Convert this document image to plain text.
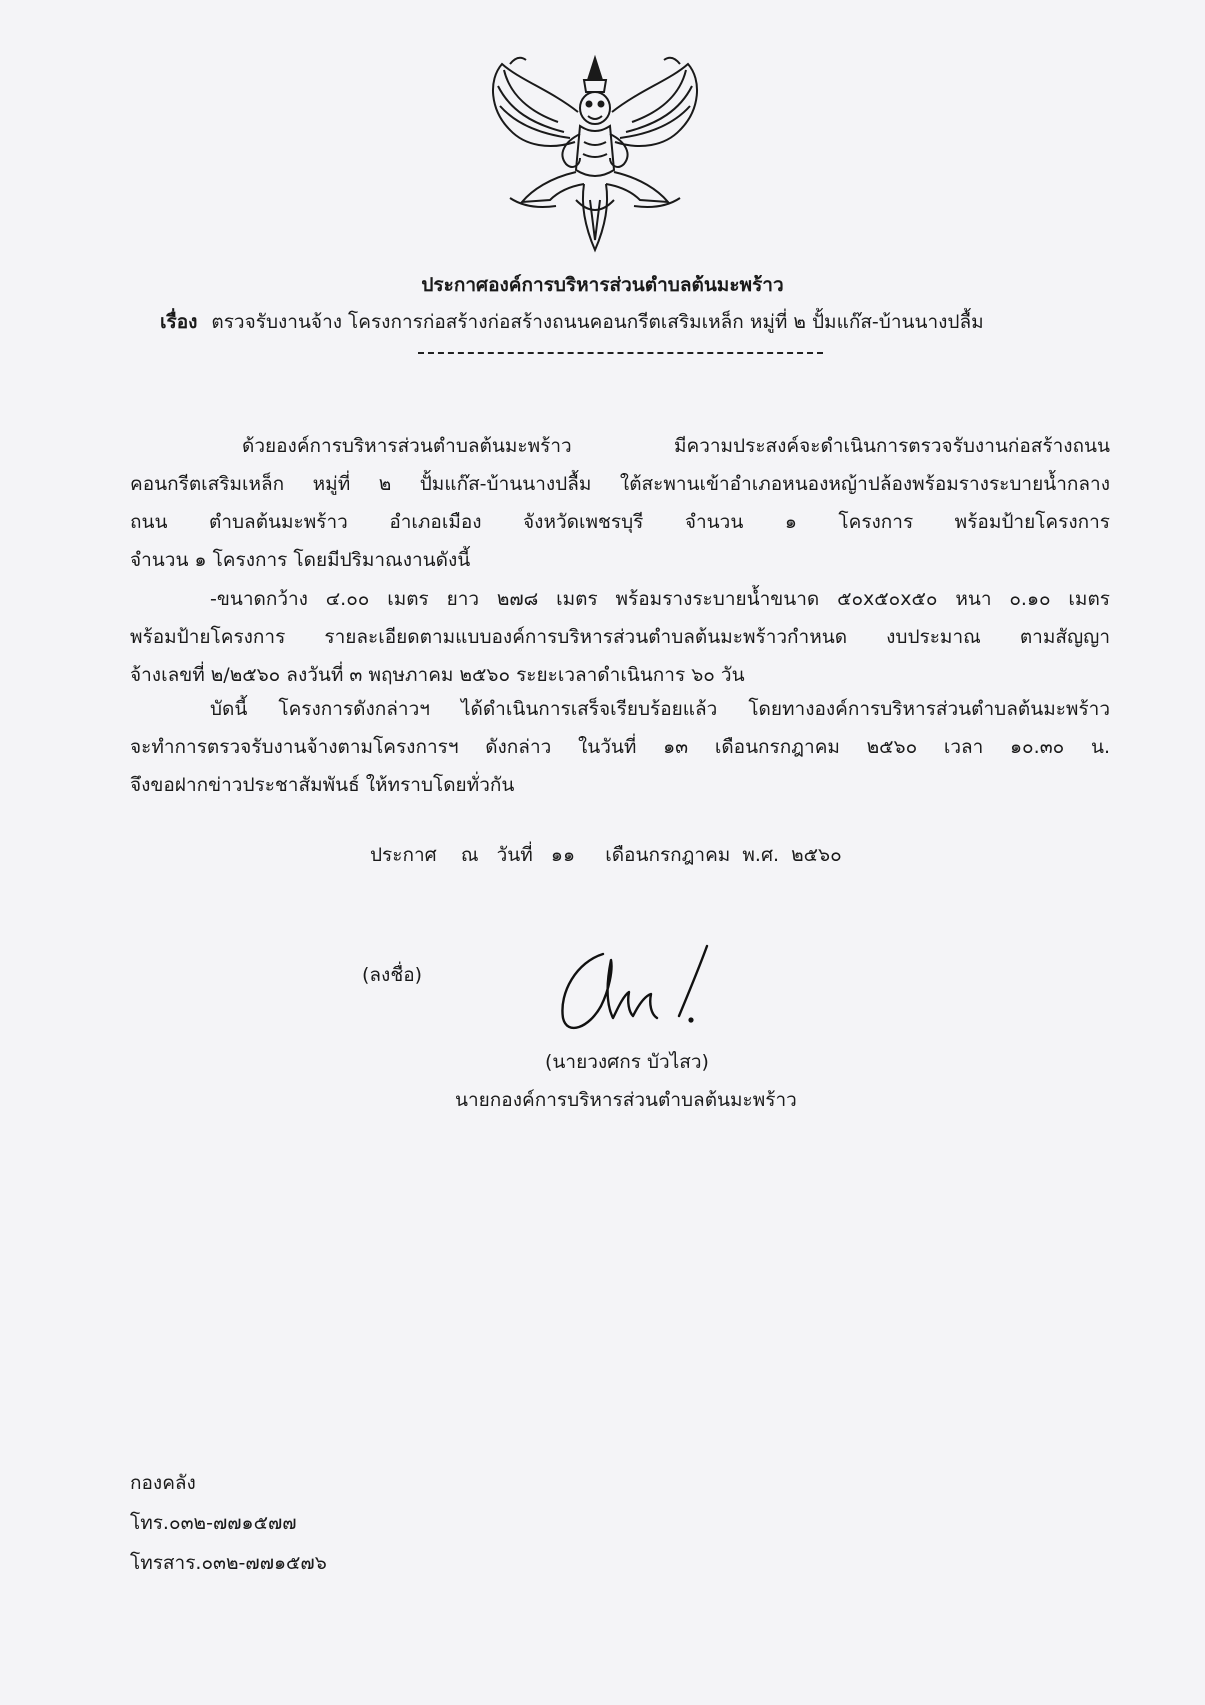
ประกาศองค์การบริหารส่วนตำบลต้นมะพร้าว
เรื่อง ตรวจรับงานจ้าง โครงการก่อสร้างก่อสร้างถนนคอนกรีตเสริมเหล็ก หมู่ที่ ๒ ปั้มแก๊ส-บ้านนางปลื้ม
ด้วยองค์การบริหารส่วนตำบลต้นมะพร้าว มีความประสงค์จะดำเนินการตรวจรับงานก่อสร้างถนน
คอนกรีตเสริมเหล็ก หมู่ที่ ๒ ปั้มแก๊ส-บ้านนางปลื้ม ใต้สะพานเข้าอำเภอหนองหญ้าปล้องพร้อมรางระบายน้ำกลาง
ถนน ตำบลต้นมะพร้าว อำเภอเมือง จังหวัดเพชรบุรี จำนวน ๑ โครงการ พร้อมป้ายโครงการ
จำนวน ๑ โครงการ โดยมีปริมาณงานดังนี้
-ขนาดกว้าง ๔.๐๐ เมตร ยาว ๒๗๘ เมตร พร้อมรางระบายน้ำขนาด ๕๐x๕๐x๕๐ หนา ๐.๑๐ เมตร
พร้อมป้ายโครงการ รายละเอียดตามแบบองค์การบริหารส่วนตำบลต้นมะพร้าวกำหนด งบประมาณ ตามสัญญา
จ้างเลขที่ ๒/๒๕๖๐ ลงวันที่ ๓ พฤษภาคม ๒๕๖๐ ระยะเวลาดำเนินการ ๖๐ วัน
บัดนี้ โครงการดังกล่าวฯ ได้ดำเนินการเสร็จเรียบร้อยแล้ว โดยทางองค์การบริหารส่วนตำบลต้นมะพร้าว
จะทำการตรวจรับงานจ้างตามโครงการฯ ดังกล่าว ในวันที่ ๑๓ เดือนกรกฎาคม ๒๕๖๐ เวลา ๑๐.๓๐ น.
จึงขอฝากข่าวประชาสัมพันธ์ ให้ทราบโดยทั่วกัน
ประกาศ    ณ   วันที่   ๑๑     เดือนกรกฎาคม  พ.ศ.  ๒๕๖๐
(ลงชื่อ)
(นายวงศกร บัวไสว)
นายกองค์การบริหารส่วนตำบลต้นมะพร้าว
กองคลัง
โทร.๐๓๒-๗๗๑๕๗๗
โทรสาร.๐๓๒-๗๗๑๕๗๖
